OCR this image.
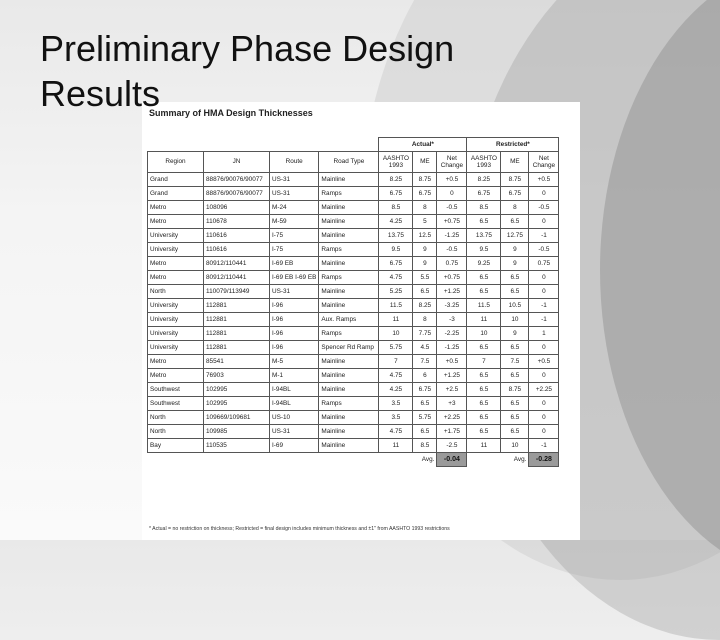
Preliminary Phase Design Results
Summary of HMA Design Thicknesses
				Actual*			Restricted*		
Region	JN	Route	Road Type	AASHTO 1993	ME	Net Change	AASHTO 1993	ME	Net Change
Grand	88876/90076/90077	US-31	Mainline	8.25	8.75	+0.5	8.25	8.75	+0.5
Grand	88876/90076/90077	US-31	Ramps	6.75	6.75	0	6.75	6.75	0
Metro	108096	M-24	Mainline	8.5	8	-0.5	8.5	8	-0.5
Metro	110678	M-59	Mainline	4.25	5	+0.75	6.5	6.5	0
University	110616	I-75	Mainline	13.75	12.5	-1.25	13.75	12.75	-1
University	110616	I-75	Ramps	9.5	9	-0.5	9.5	9	-0.5
Metro	80912/110441	I-69 EB	Mainline	6.75	9	0.75	9.25	9	0.75
Metro	80912/110441	I-69 EB I-69 EB	Ramps	4.75	5.5	+0.75	6.5	6.5	0
North	110079/113949	US-31	Mainline	5.25	6.5	+1.25	6.5	6.5	0
University	112881	I-96	Mainline	11.5	8.25	-3.25	11.5	10.5	-1
University	112881	I-96	Aux. Ramps	11	8	-3	11	10	-1
University	112881	I-96	Ramps	10	7.75	-2.25	10	9	1
University	112881	I-96	Spencer Rd Ramp	5.75	4.5	-1.25	6.5	6.5	0
Metro	85541	M-5	Mainline	7	7.5	+0.5	7	7.5	+0.5
Metro	76903	M-1	Mainline	4.75	6	+1.25	6.5	6.5	0
Southwest	102995	I-94BL	Mainline	4.25	6.75	+2.5	6.5	8.75	+2.25
Southwest	102995	I-94BL	Ramps	3.5	6.5	+3	6.5	6.5	0
North	109669/109681	US-10	Mainline	3.5	5.75	+2.25	6.5	6.5	0
North	109985	US-31	Mainline	4.75	6.5	+1.75	6.5	6.5	0
Bay	110535	I-69	Mainline	11	8.5	-2.5	11	10	-1
					Avg.	-0.04		Avg.	-0.28
* Actual = no restriction on thickness; Restricted = final design includes minimum thickness and ±1" from AASHTO 1993 restrictions
